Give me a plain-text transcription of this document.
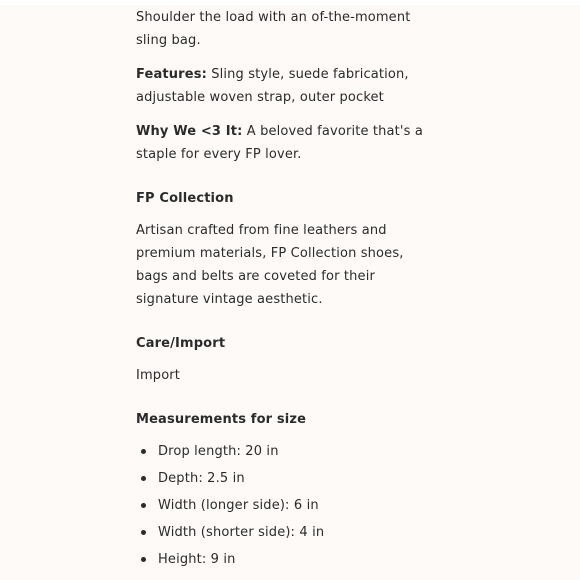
Shoulder the load with an of-the-moment sling bag.

Features: Sling style, suede fabrication, adjustable woven strap, outer pocket

Why We <3 It: A beloved favorite that's a staple for every FP lover.

FP Collection

Artisan crafted from fine leathers and premium materials, FP Collection shoes, bags and belts are coveted for their signature vintage aesthetic.

Care/Import

Import

Measurements for size
Drop length: 20 in
Depth: 2.5 in
Width (longer side): 6 in
Width (shorter side): 4 in
Height: 9 in
